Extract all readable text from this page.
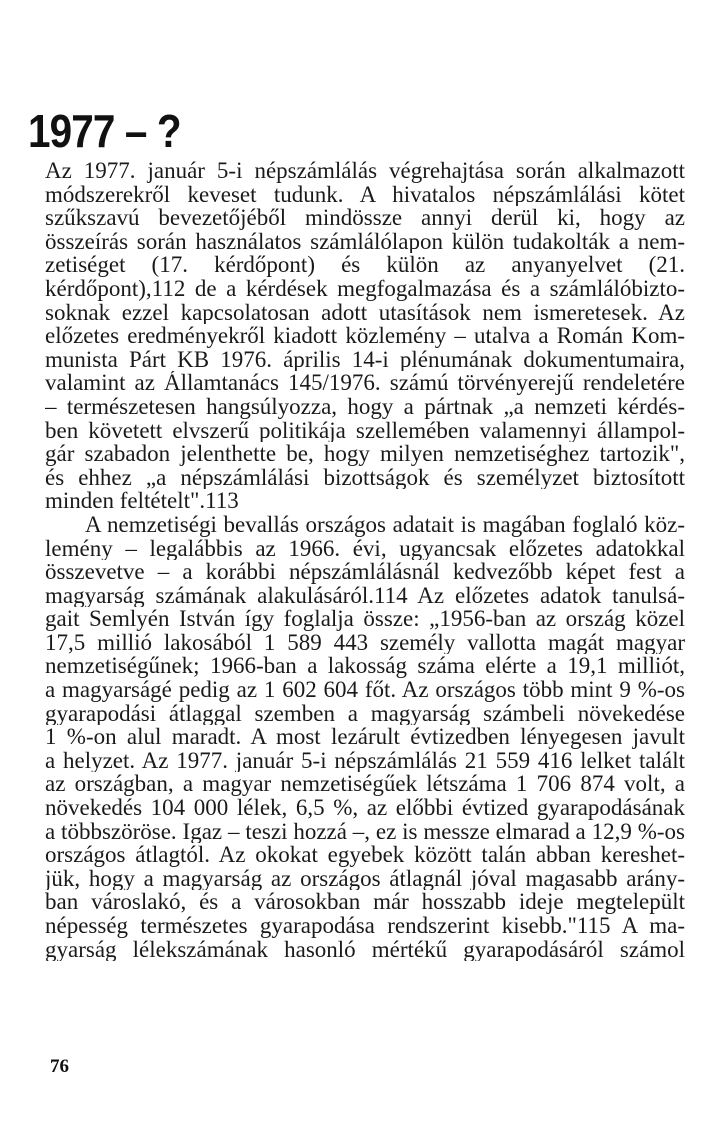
1977 – ?
Az 1977. január 5-i népszámlálás végrehajtása során alkalmazott
módszerekről keveset tudunk. A hivatalos népszámlálási kötet
szűkszavú bevezetőjéből mindössze annyi derül ki, hogy az
összeírás során használatos számlálólapon külön tudakolták a nem-
zetiséget (17. kérdőpont) és külön az anyanyelvet (21.
kérdőpont),112 de a kérdések megfogalmazása és a számlálóbizto-
soknak ezzel kapcsolatosan adott utasítások nem ismeretesek. Az
előzetes eredményekről kiadott közlemény – utalva a Román Kom-
munista Párt KB 1976. április 14-i plénumának dokumentumaira,
valamint az Államtanács 145/1976. számú törvényerejű rendeletére
– természetesen hangsúlyozza, hogy a pártnak „a nemzeti kérdés-
ben követett elvszerű politikája szellemében valamennyi állampol-
gár szabadon jelenthette be, hogy milyen nemzetiséghez tartozik",
és ehhez „a népszámlálási bizottságok és személyzet biztosított
minden feltételt".113
A nemzetiségi bevallás országos adatait is magában foglaló köz-
lemény – legalábbis az 1966. évi, ugyancsak előzetes adatokkal
összevetve – a korábbi népszámlálásnál kedvezőbb képet fest a
magyarság számának alakulásáról.114 Az előzetes adatok tanulsá-
gait Semlyén István így foglalja össze: „1956-ban az ország közel
17,5 millió lakosából 1 589 443 személy vallotta magát magyar
nemzetiségűnek; 1966-ban a lakosság száma elérte a 19,1 milliót,
a magyarságé pedig az 1 602 604 főt. Az országos több mint 9 %-os
gyarapodási átlaggal szemben a magyarság számbeli növekedése
1 %-on alul maradt. A most lezárult évtizedben lényegesen javult
a helyzet. Az 1977. január 5-i népszámlálás 21 559 416 lelket talált
az országban, a magyar nemzetiségűek létszáma 1 706 874 volt, a
növekedés 104 000 lélek, 6,5 %, az előbbi évtized gyarapodásának
a többszöröse. Igaz – teszi hozzá –, ez is messze elmarad a 12,9 %-os
országos átlagtól. Az okokat egyebek között talán abban kereshet-
jük, hogy a magyarság az országos átlagnál jóval magasabb arány-
ban városlakó, és a városokban már hosszabb ideje megtelepült
népesség természetes gyarapodása rendszerint kisebb."115 A ma-
gyarság lélekszámának hasonló mértékű gyarapodásáról számol
76
